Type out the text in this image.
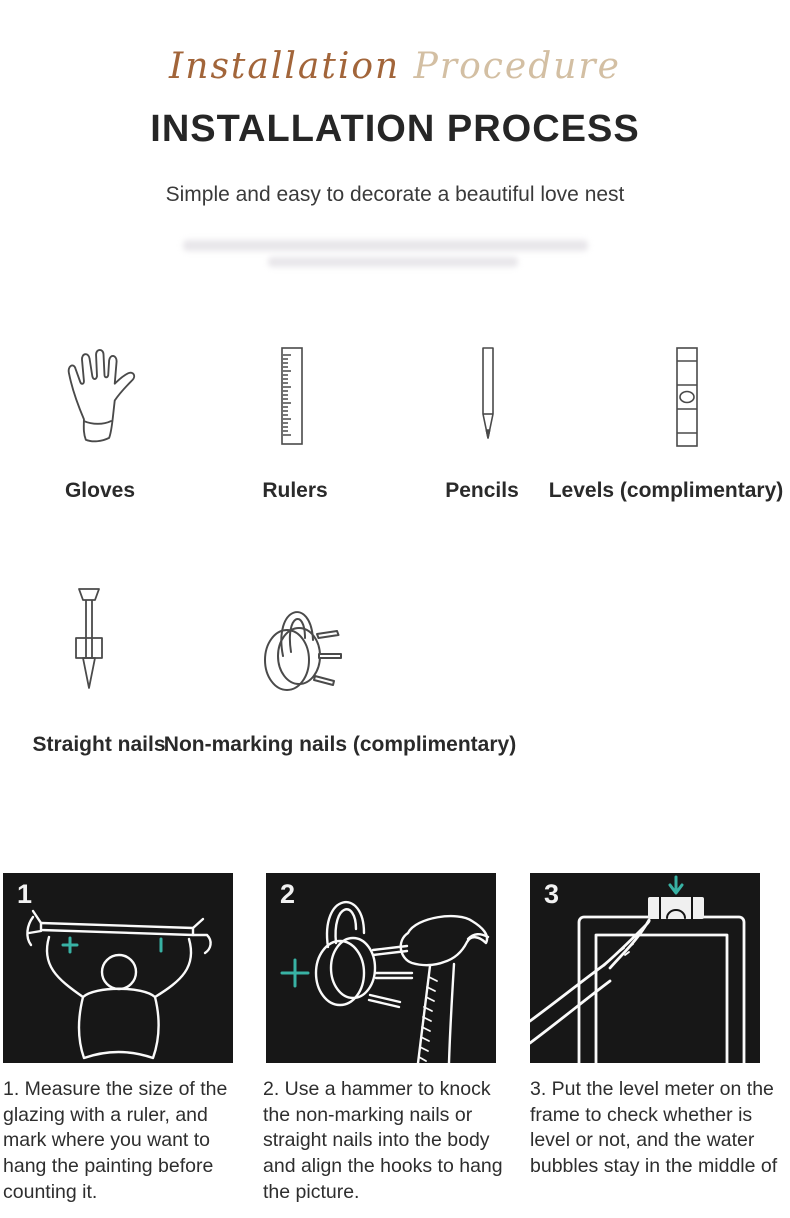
Installation Procedure
INSTALLATION PROCESS
Simple and easy to decorate a beautiful love nest
Gloves	Rulers	Pencils Levels (complimentary)
Straight nails
Non-marking nails (complimentary)
1	2	3
1. Measure the size of the glazing with a ruler, and mark where you want to hang the painting before counting it.
2. Use a hammer to knock the non-marking nails or straight nails into the body and align the hooks to hang the picture.
3. Put the level meter on the frame to check whether is level or not, and the water bubbles stay in the middle of
